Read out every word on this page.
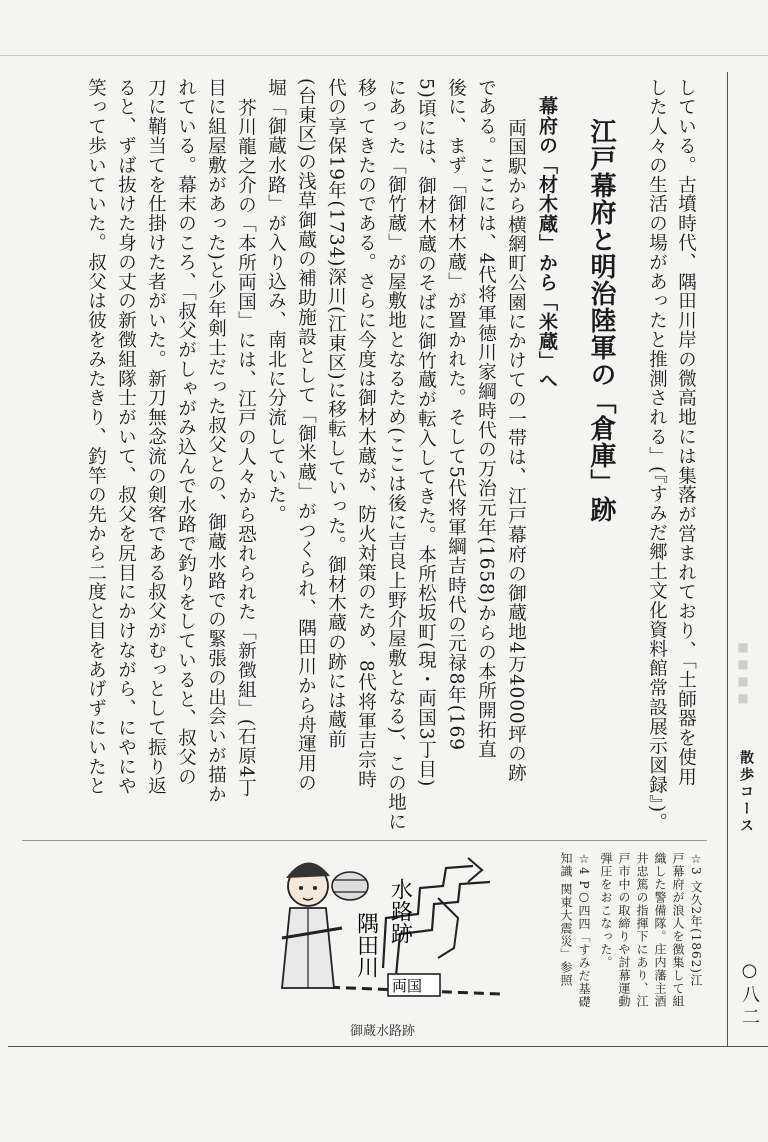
している。古墳時代、隅田川岸の微高地には集落が営まれており、「土師器を使用
した人々の生活の場があったと推測される」(『すみだ郷土文化資料館常設展示図録』)。
江戸幕府と明治陸軍の「倉庫」跡
幕府の「材木蔵」から「米蔵」へ
両国駅から横網町公園にかけての一帯は、江戸幕府の御蔵地4万4000坪の跡
である。ここには、4代将軍徳川家綱時代の万治元年(1658)からの本所開拓直
後に、まず「御材木蔵」が置かれた。そして5代将軍綱吉時代の元禄8年(169
5)頃には、御材木蔵のそばに御竹蔵が転入してきた。本所松坂町(現・両国3丁目)
にあった「御竹蔵」が屋敷地となるため(ここは後に吉良上野介屋敷となる)、この地に
移ってきたのである。さらに今度は御材木蔵が、防火対策のため、8代将軍吉宗時
代の享保19年(1734)深川(江東区)に移転していった。御材木蔵の跡には蔵前
(台東区)の浅草御蔵の補助施設として「御米蔵」がつくられ、隅田川から舟運用の
堀「御蔵水路」が入り込み、南北に分流していた。
芥川龍之介の「本所両国」には、江戸の人々から恐れられた「新徴組」(石原4丁
目に組屋敷があった)と少年剣士だった叔父との、御蔵水路での緊張の出会いが描か
れている。幕末のころ、「叔父がしゃがみ込んで水路で釣りをしていると、叔父の
刀に鞘当てを仕掛けた者がいた。新刀無念流の剣客である叔父がむっとして振り返
ると、ずば抜けた身の丈の新徴組隊士がいて、叔父を尻目にかけながら、にやにや
笑って歩いていた。叔父は彼をみたきり、釣竿の先から二度と目をあげずにいたと
☆3 文久2年(1862)江
戸幕府が浪人を徴集して組
織した警備隊。庄内藩主酒
井忠篤の指揮下にあり、江
戸市中の取締りや討幕運動
弾圧をおこなった。
☆4 P○四四「すみだ基礎
知識 関東大震災」参照
水路跡
隅田川
両国
御蔵水路跡
■■■■
散歩コース
○八二
